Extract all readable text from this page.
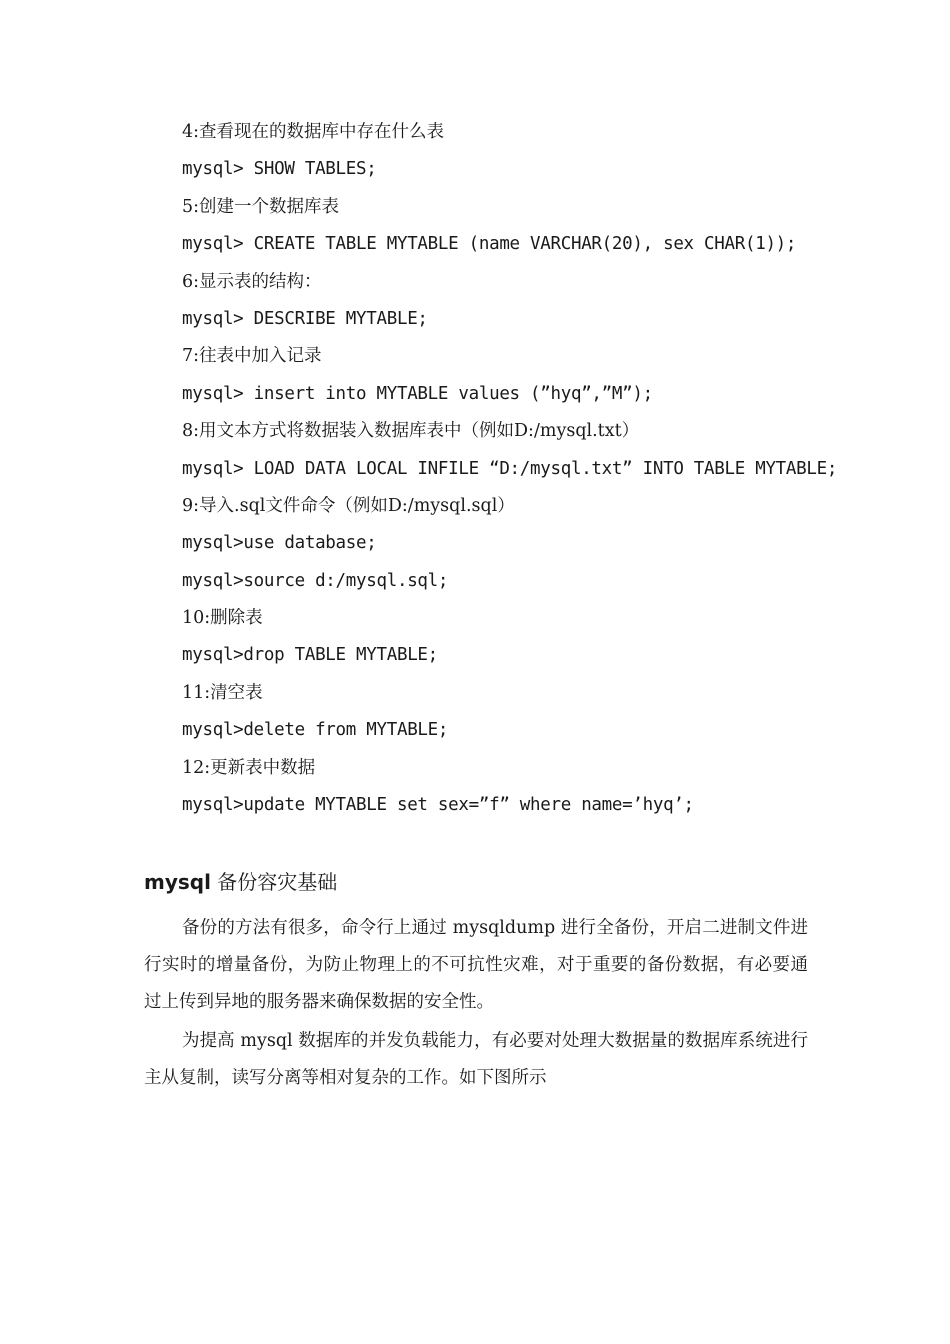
4:查看现在的数据库中存在什么表
mysql> SHOW TABLES;
5:创建一个数据库表
mysql> CREATE TABLE MYTABLE (name VARCHAR(20), sex CHAR(1));
6:显示表的结构：
mysql> DESCRIBE MYTABLE;
7:往表中加入记录
mysql> insert into MYTABLE values (”hyq”,”M”);
8:用文本方式将数据装入数据库表中（例如D:/mysql.txt）
mysql> LOAD DATA LOCAL INFILE “D:/mysql.txt” INTO TABLE MYTABLE;
9:导入.sql文件命令（例如D:/mysql.sql）
mysql>use database;
mysql>source d:/mysql.sql;
10:删除表
mysql>drop TABLE MYTABLE;
11:清空表
mysql>delete from MYTABLE;
12:更新表中数据
mysql>update MYTABLE set sex=”f” where name=’hyq’;
mysql 备份容灾基础

备份的方法有很多，命令行上通过 mysqldump 进行全备份，开启二进制文件进行实时的增量备份，为防止物理上的不可抗性灾难，对于重要的备份数据，有必要通过上传到异地的服务器来确保数据的安全性。

为提高 mysql 数据库的并发负载能力，有必要对处理大数据量的数据库系统进行主从复制，读写分离等相对复杂的工作。如下图所示
